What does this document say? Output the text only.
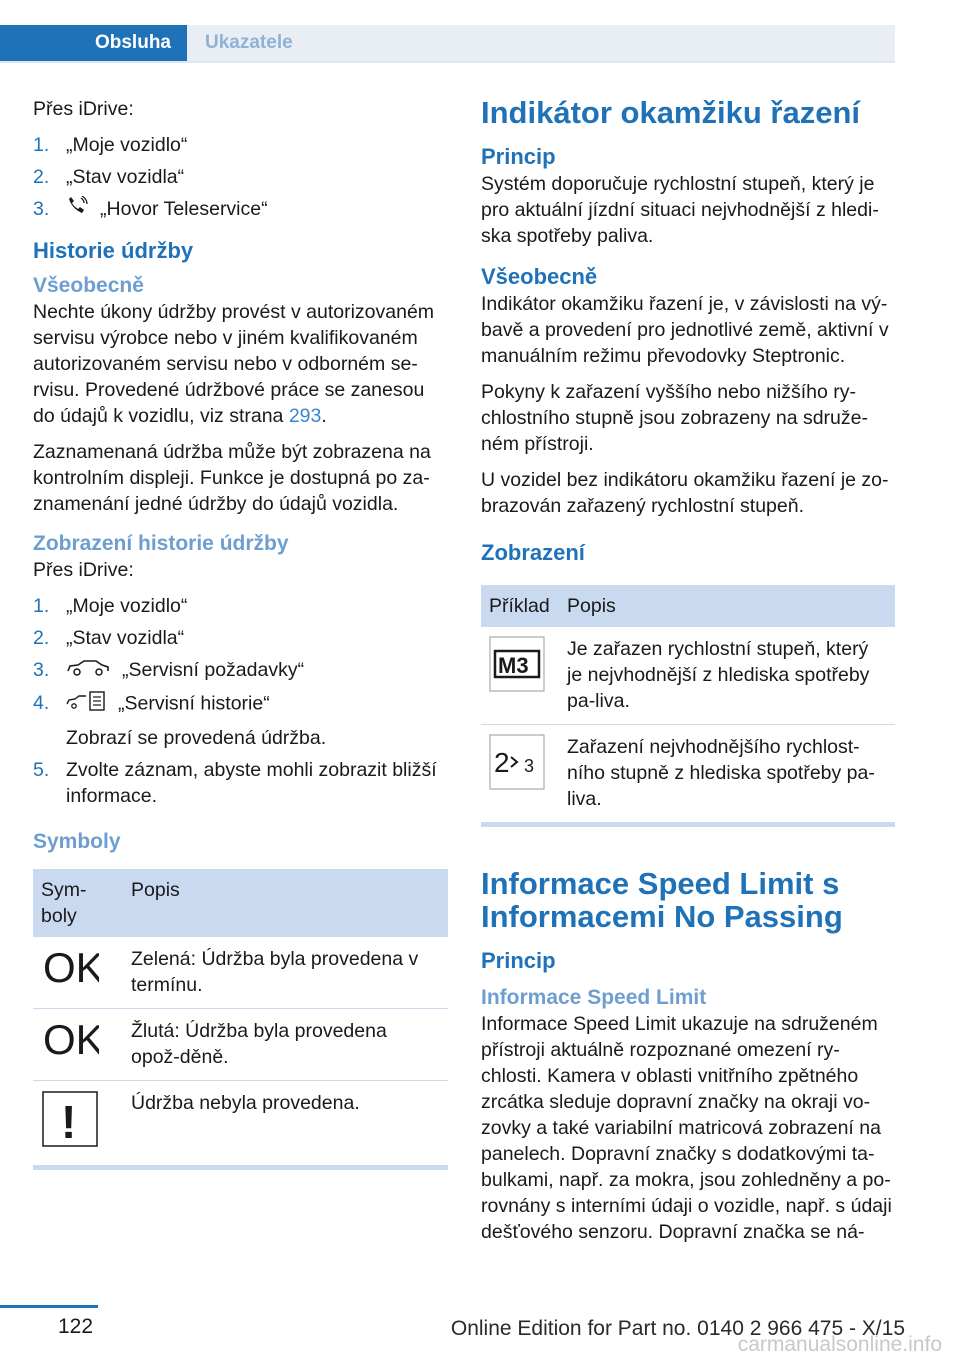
Obsluha	Ukazatele

Přes iDrive:

1. „Moje vozidlo“
2. „Stav vozidla“
3.	„Hovor Teleservice“
Historie údržby
Všeobecně

Nechte úkony údržby provést v autorizovaném servisu výrobce nebo v jiném kvalifikovaném autorizovaném servisu nebo v odborném se‐rvisu. Provedené údržbové práce se zanesou do údajů k vozidlu, viz strana 293.

Zaznamenaná údržba může být zobrazena na kontrolním displeji. Funkce je dostupná po za‐znamenání jedné údržby do údajů vozidla.

Zobrazení historie údržby

Přes iDrive:

1. „Moje vozidlo“
2. „Stav vozidla“
3.	„Servisní požadavky“
4.	„Servisní historie“
Zobrazí se provedená údržba.
5. Zvolte záznam, abyste mohli zobrazit bližší informace.
Symboly
Sym‐boly	Popis

OK	Zelená: Údržba byla provedena v termínu.

OK	Žlutá: Údržba byla provedena opož‐děně.

!	Údržba nebyla provedena.
Indikátor okamžiku řazení
Princip

Systém doporučuje rychlostní stupeň, který je pro aktuální jízdní situaci nejvhodnější z hledi‐ska spotřeby paliva.

Všeobecně

Indikátor okamžiku řazení je, v závislosti na vý‐bavě a provedení pro jednotlivé země, aktivní v manuálním režimu převodovky Steptronic.

Pokyny k zařazení vyššího nebo nižšího ry‐chlostního stupně jsou zobrazeny na sdruže‐ném přístroji.

U vozidel bez indikátoru okamžiku řazení je zo‐brazován zařazený rychlostní stupeň.

Zobrazení
Příklad	Popis

M3	Je zařazen rychlostní stupeň, který je nejvhodnější z hlediska spotřeby pa‐liva.

2 3	Zařazení nejvhodnějšího rychlost‐ního stupně z hlediska spotřeby pa‐liva.
Informace Speed Limit s Informacemi No Passing
Princip
Informace Speed Limit

Informace Speed Limit ukazuje na sdruženém přístroji aktuálně rozpoznané omezení ry‐chlosti. Kamera v oblasti vnitřního zpětného zrcátka sleduje dopravní značky na okraji vo‐zovky a také variabilní matricová zobrazení na panelech. Dopravní značky s dodatkovými ta‐bulkami, např. za mokra, jsou zohledněny a po‐rovnány s interními údaji o vozidle, např. s údaji dešťového senzoru. Dopravní značka se ná‐

122
carmanualsonline.info
Online Edition for Part no. 0140 2 966 475 - X/15
